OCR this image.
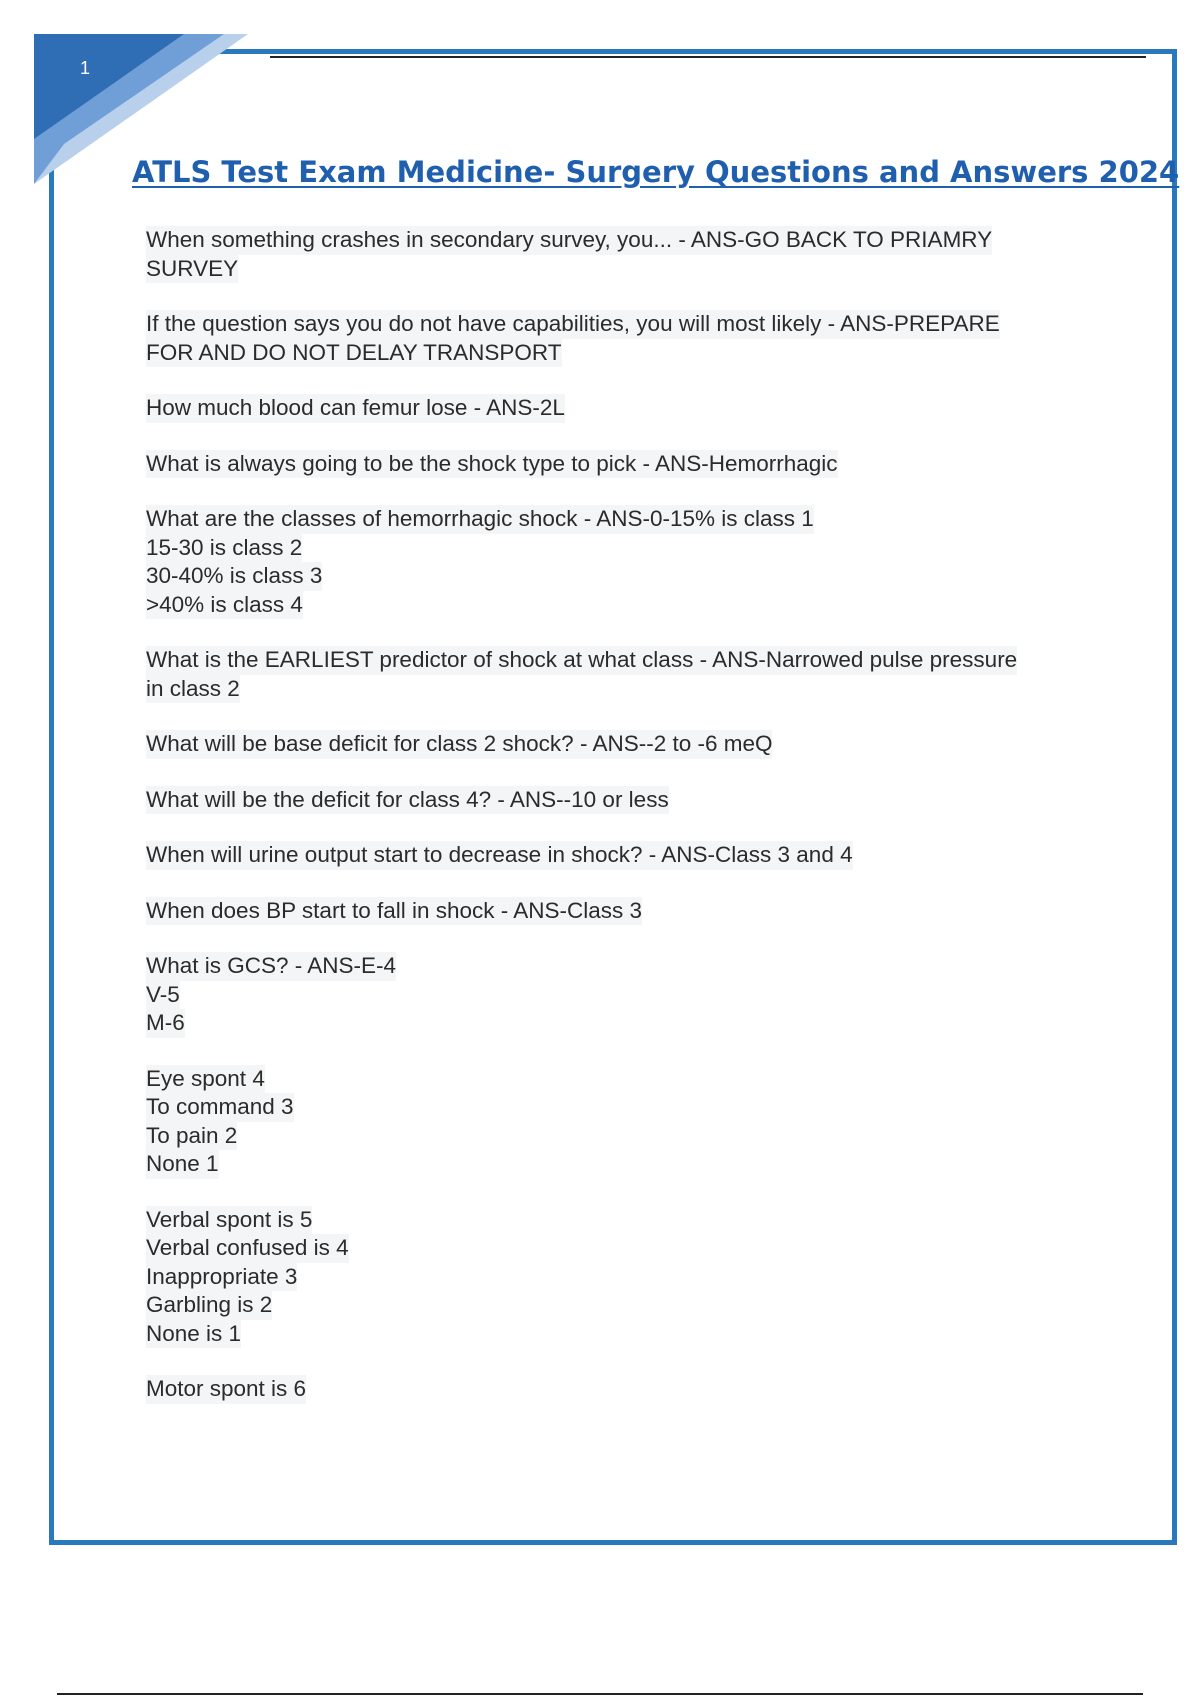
1
ATLS Test Exam Medicine- Surgery Questions and Answers 2024
When something crashes in secondary survey, you... - ANS-GO BACK TO PRIAMRY
SURVEY
If the question says you do not have capabilities, you will most likely - ANS-PREPARE
FOR AND DO NOT DELAY TRANSPORT
How much blood can femur lose - ANS-2L
What is always going to be the shock type to pick - ANS-Hemorrhagic
What are the classes of hemorrhagic shock - ANS-0-15% is class 1
15-30 is class 2
30-40% is class 3
>40% is class 4
What is the EARLIEST predictor of shock at what class - ANS-Narrowed pulse pressure
in class 2
What will be base deficit for class 2 shock? - ANS--2 to -6 meQ
What will be the deficit for class 4? - ANS--10 or less
When will urine output start to decrease in shock? - ANS-Class 3 and 4
When does BP start to fall in shock - ANS-Class 3
What is GCS? - ANS-E-4
V-5
M-6
Eye spont 4
To command 3
To pain 2
None 1
Verbal spont is 5
Verbal confused is 4
Inappropriate 3
Garbling is 2
None is 1
Motor spont is 6
